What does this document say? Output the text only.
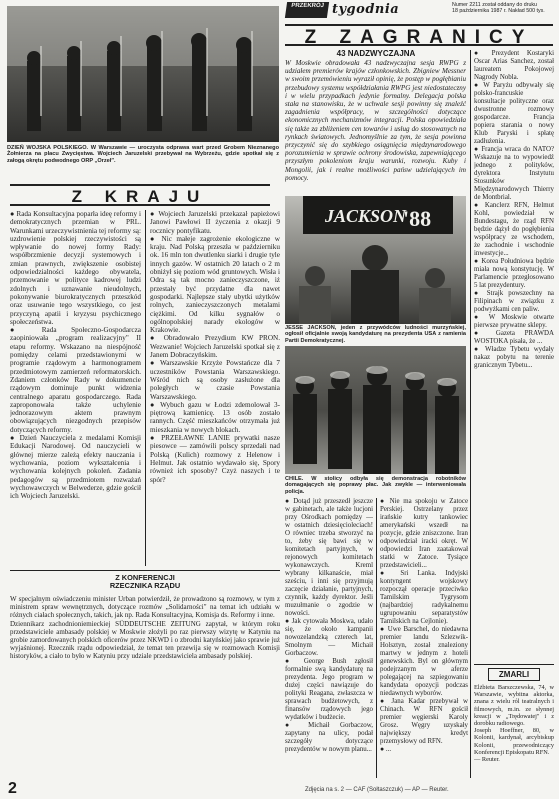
PRZEKRÓJ tygodnia	Numer 2211 został oddany do druku
18 października 1987 r. Nakład 500 tys.
DZIEŃ WOJSKA POLSKIEGO. W Warszawie — uroczysta odprawa wart przed Grobem Nieznanego Żołnierza na placu Zwycięstwa. Wojciech Jaruzelski przebywał na Wybrzeżu, gdzie spotkał się z załogą okrętu podwodnego ORP „Orzeł".
Z KRAJU
● Rada Konsultacyjna poparła ideę reformy i demokratycznych przemian w PRL. Warunkami urzeczywistnienia tej reformy są: uzdrowienie polskiej rzeczywistości są wpływanie do nowej formy Rady: współbrzmienie decyzji systemowych i zmian prawnych, zwiększenie osobistej odpowiedzialności każdego obywatela, przemowanie w polityce kadrowej ludzi zdolnych i uznawanie nieudolnych, pokonywanie biurokratycznych przeszkód oraz usuwanie tego wszystkiego, co jest przyczyną apatii i kryzysu psychicznego społeczeństwa.
● Rada Społeczno-Gospodarcza zaopiniowała „program realizacyjny" II etapu reformy. Wskazano na niespójność pomiędzy celami przedstawionymi w programie rządowym a harmonogramem przedmiotowym zamierzeń reformatorskich. Zdaniem członków Rady w dokumencie rządowym dominuje punkt widzenia centralnego aparatu gospodarczego. Rada zaproponowała także uchylenie jednorazowym aktem prawnym obowiązujących niezgodnych przepisów dotyczących reformy.
● Dzień Nauczyciela z medalami Komisji Edukacji Narodowej. Od nauczycieli w głównej mierze zależą efekty nauczania i wychowania, poziom wykształcenia i wychowania kolejnych pokoleń. Zadania pedagogów są przedmiotem rozważań wychowawczych w Belwederze, gdzie gościł ich Wojciech Jaruzelski.
● Wojciech Jaruzelski przekazał papieżowi Janowi Pawłowi II życzenia z okazji 9 rocznicy pontyfikatu.
● Nic małeje zagrożenie ekologiczne w kraju. Nad Polską przeszła w październiku ok. 16 mln ton dwutlenku siarki i drugie tyle innych gazów. W ostatnich 20 latach o 2 m obniżył się poziom wód gruntowych. Wisła i Odra są tak mocno zanieczyszczone, iż przestały być przydatne dla nawet gospodarki. Najlepsze stały ubytki użytków rolnych, zanieczyszczonych metalami ciężkimi. Od kilku sygnałów o ogólnopolskiej narady ekologów w Krakowie.
● Obradowało Prezydium KW PRON. Wezwanie! Wojciech Jaruzelski spotkał się z Janem Dobraczyńskim.
● Warszawskie Krzyże Powstańcze dla 7 uczestników Powstania Warszawskiego. Wśród nich są osoby zasłużone dla poległych w czasie Powstania Warszawskiego.
● Wybuch gazu w Łodzi zdemolował 3-piętrową kamienicę. 13 osób zostało rannych. Część mieszkańców otrzymała już mieszkania w nowych blokach.
● PRZEŁAWNE LANIE prywatki nasze piesowce — zamówili polscy sprzedali nad Polską (Kulich) rozmowy z Helenow i Helmut. Jak ostatnio wydawało się, Spory również ich sposoby? Czyż naszych i te spór?
Z KONFERENCJI
RZECZNIKA RZĄDU
W specjalnym oświadczeniu minister Urban potwierdził, że prowadzono są rozmowy, w tym z ministrem spraw wewnętrznych, dotyczące rozmów „Solidarności" na temat ich udziału w różnych ciałach społecznych, takich, jak np. Rada Konsultacyjna, Komisja ds. Reformy i inne.
Dziennikarz zachodnioniemieckiej SÜDDEUTSCHE ZEITUNG zapytał, w którym roku przedstawiciele ambasady polskiej w Moskwie złożyli po raz pierwszy wizytę w Katyniu na grobie zamordowanych polskich oficerów przez NKWD i o zbrodni katyńskiej jako sprawie już wyjaśnionej. Rzecznik rządu odpowiedział, że temat ten przewija się w rozmowach Komisji historyków, a ciało to było w Katyniu przy udziale przedstawiciela ambasady polskiej.
Z ZAGRANICY
43 NADZWYCZAJNA
W Moskwie obradowała 43 nadzwyczajna sesja RWPG z udziałem premierów krajów członkowskich. Zbigniew Messner w swoim przemówieniu wyraził opinię, że postęp w pogłębianiu przebudowy systemu współdziałania RWPG jest niedostateczny i w wielu przypadkach jedynie formalny. Delegacja polska stała na stanowisku, że w uchwale sesji powinny się znaleźć zagadnienia współpracy, w szczególności dotyczące ekonomicznych mechanizmów integracji. Polska opowiedziała się także za zbliżeniem cen towarów i usług do stosowanych na rynkach światowych. Jednomyślnie za tym, że sesja powinna przyczynić się do szybkiego osiągnięcia międzynarodowego porozumienia w sprawie ochrony środowiska, zapewniającego przyszłym pokoleniom kraju warunki, rozwoju. Kuby i Mongolii, jak i realne możliwości pańsw udzielających im pomocy.
JACKSON
'88
JESSE JACKSON, jeden z przywódców ludności murzyńskiej, ogłosił oficjalnie swoją kandydaturę na prezydenta USA z ramienia Partii Demokratycznej.
CHILE. W stolicy odbyła się demonstracja robotników domagających się poprawy płac. Jak zwykle — interweniowała policja.
● Dotąd już przeszedł jeszcze w gabinetach, ale także lucjoni przy Ośrodkach pomiędzy — w ostatnich dziesięcioleciach! O równiec trzeba stworzyć na to, żeby się bawi się w komitetach partyjnych, w rejonowych komitetach wykonawczych. Kreml wybrany kilkanaście, miał sześciu, i inni się przyjmują zaczęcie działanie, partyjnych, czynnik, każdy dyrektor. Jeśli muzułmanie o zgodzie w nowości.
● Jak cytowała Moskwa, udało się, że około kampanii nowozelandzką czterech lat, Smolnym — Michaił Gorbaczow.
● George Bush zgłosił formalnie swą kandydaturę na prezydenta. Jego program w dużej części nawiązuje do polityki Reagana, zwłaszcza w sprawach budżetowych, z finansów rządowych jego wydatków i budżecie.
● Michaił Gorbaczow, zapytany na ulicy, podał szczegóły dotyczące prezydentów w nowym planu...
● Nie ma spokoju w Zatoce Perskiej. Ostrzelany przez irańskie kutry tankowiec amerykański wszedł na pozycje, gdzie zniszczone. Iran odpowiedział iracki okręt. W odpowiedzi Iran zaatakował statki w Zatoce. Tysiące przedstawicieli...
● Sri Lanka. Indyjski kontyngent wojskowy rozpoczął operacje przeciwko Tamilskim Tygrysom (najbardziej radykalnemu ugrupowaniu separatystów Tamilskich na Cejlonie).
● Uwe Barschel, do niedawna premier landu Szlezwik-Holsztyn, został znaleziony martwy w jednym z hoteli genewskich. Byl on głównym podejrzanym w aferze polegającej na szpiegowaniu kandydata opozycji podczas niedawnych wyborów.
● Jana Kadar przebywał w Chinach. W RFN gościł premier węgierski Karoly Grosz. Węgry uzyskały największy kredyt przemysłowy od RFN.
● ...
● Prezydent Kostaryki Oscar Arias Sanchez, został laureatem Pokojowej Nagrody Nobla.
● W Paryżu odbywały się polsko-francuskie konsultacje polityczne oraz dwustronne rozmowy gospodarcze. Francja popiera starania o nowy Klub Paryski i spłatę zadłużenia.
● Francja wraca do NATO? Wskazuje na to wypowiedź jednego z polityków, dyrektora Instytutu Stosunków Międzynarodowych Thierry de Montbrial.
● Kanclerz RFN, Helmut Kohl, powiedział w Bundestagu, że rząd RFN będzie dążył do pogłębienia współpracy ze wschodem, że zachodnie i wschodnie inwestycje...
● Korea Południowa będzie miała nową konstytucję. W Parlamencie przegłosowano 5 lat prezydentury.
● Strajk powszechny na Filipinach w związku z podwyżkami cen paliw.
● W Moskwie otwarte pierwsze prywatne sklepy.
● Gazeta PRAWDA WOSTOKA pisała, że ...
● Władze Tybetu wydały nakaz pobytu na terenie granicznym Tybetu...
ZMARLI
Elżbieta Barszczewska, 74, w Warszawie, wybitna aktorka, znana z wielu ról teatralnych i filmowych, m.in. ze słynnej kreacji w „Trędowatej" i z dorobku radiowego.
Joseph Hoeffner, 80, w Kolonii, kardynał, arcybiskup Kolonii, przewodniczący Konferencji Episkopatu RFN.
— Reuter.
2	Zdjęcia na s. 2 — CAF (Sołtaszczuk) — AP — Reuter.
